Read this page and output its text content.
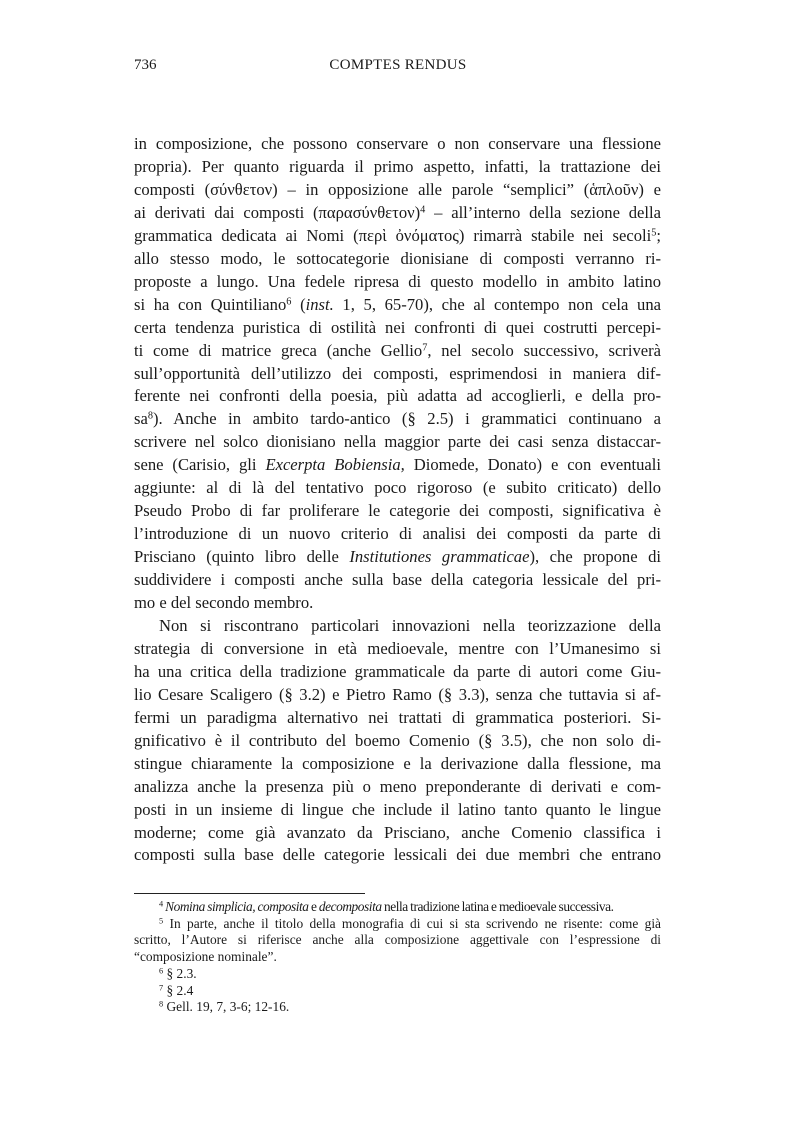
736	COMPTES RENDUS
in composizione, che possono conservare o non conservare una flessione
propria). Per quanto riguarda il primo aspetto, infatti, la trattazione dei
composti (σύνθετον) – in opposizione alle parole “semplici” (ἁπλοῦν) e
ai derivati dai composti $(\pi\alpha\rho\alpha\sigma ύ\nu\theta\varepsilon\tau o\nu)^4$ – all’interno della sezione della
grammatica dedicata ai Nomi (περὶ ὀνόματος) rimarrà stabile nei secoli$^5$;
allo stesso modo, le sottocategorie dionisiane di composti verranno ri-
proposte a lungo. Una fedele ripresa di questo modello in ambito latino
si ha con Quintiliano$^6$ (inst. 1, 5, 65-70), che al contempo non cela una
certa tendenza puristica di ostilità nei confronti di quei costrutti percepi-
ti come di matrice greca (anche Gellio$^7$, nel secolo successivo, scriverà
sull’opportunità dell’utilizzo dei composti, esprimendosi in maniera dif-
ferente nei confronti della poesia, più adatta ad accoglierli, e della pro-
$sa^8$). Anche in ambito tardo-antico (§ 2.5) i grammatici continuano a
scrivere nel solco dionisiano nella maggior parte dei casi senza distaccar-
sene (Carisio, gli Excerpta Bobiensia, Diomede, Donato) e con eventuali
aggiunte: al di là del tentativo poco rigoroso (e subito criticato) dello
Pseudo Probo di far proliferare le categorie dei composti, significativa è
l’introduzione di un nuovo criterio di analisi dei composti da parte di
Prisciano (quinto libro delle Institutiones grammaticae), che propone di
suddividere i composti anche sulla base della categoria lessicale del pri-
mo e del secondo membro.
Non si riscontrano particolari innovazioni nella teorizzazione della
strategia di conversione in età medioevale, mentre con l’Umanesimo si
ha una critica della tradizione grammaticale da parte di autori come Giu-
lio Cesare Scaligero (§ 3.2) e Pietro Ramo (§ 3.3), senza che tuttavia si af-
fermi un paradigma alternativo nei trattati di grammatica posteriori. Si-
gnificativo è il contributo del boemo Comenio (§ 3.5), che non solo di-
stingue chiaramente la composizione e la derivazione dalla flessione, ma
analizza anche la presenza più o meno preponderante di derivati e com-
posti in un insieme di lingue che include il latino tanto quanto le lingue
moderne; come già avanzato da Prisciano, anche Comenio classifica i
composti sulla base delle categorie lessicali dei due membri che entrano
$^4$ Nomina simplicia, composita e decomposita nella tradizione latina e medioevale successiva.
$^5$ In parte, anche il titolo della monografia di cui si sta scrivendo ne risente: come già
scritto, l’Autore si riferisce anche alla composizione aggettivale con l’espressione di
“composizione nominale”.
$^6$ § 2.3.
$^7$ § 2.4
$^8$ Gell. 19, 7, 3-6; 12-16.
